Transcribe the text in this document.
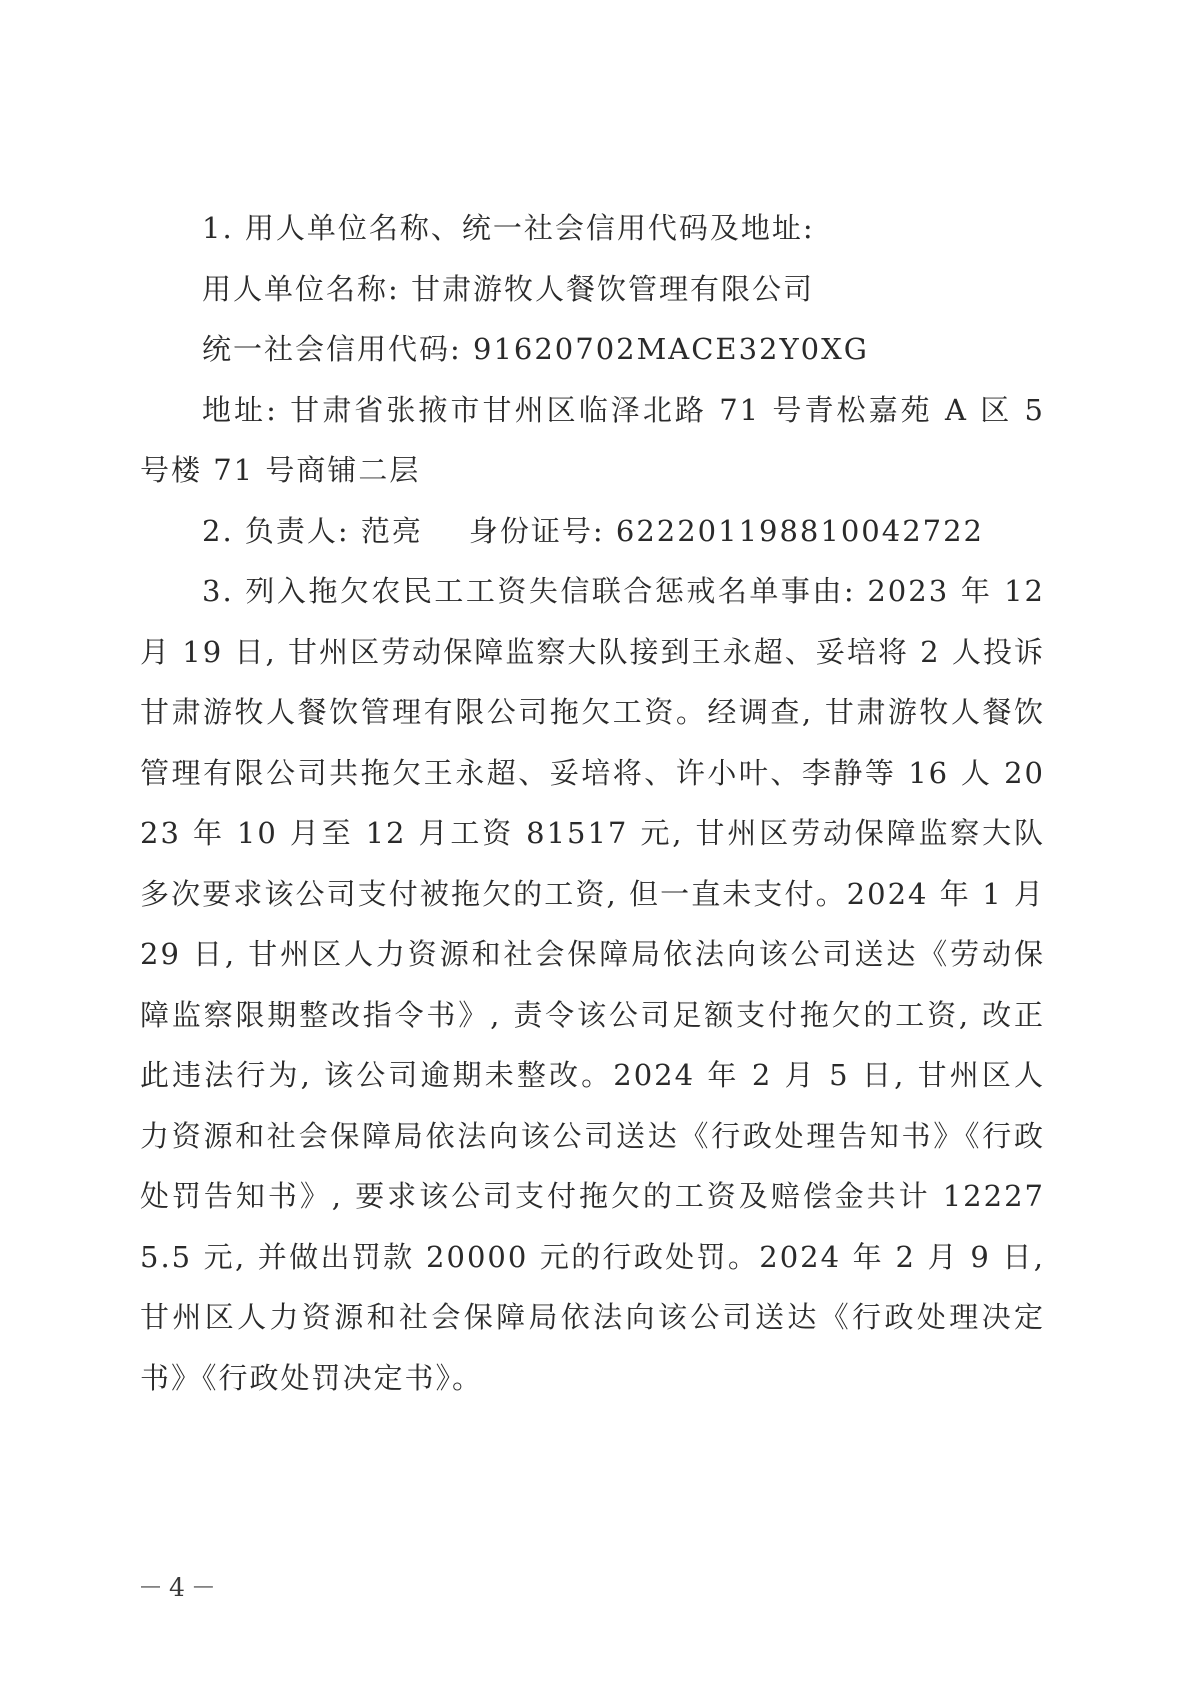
1. 用人单位名称、统一社会信用代码及地址:

用人单位名称: 甘肃游牧人餐饮管理有限公司

统一社会信用代码: 91620702MACE32Y0XG

地址: 甘肃省张掖市甘州区临泽北路 71 号青松嘉苑 A 区 5 号楼 71 号商铺二层

2. 负责人: 范亮 身份证号: 622201198810042722

3. 列入拖欠农民工工资失信联合惩戒名单事由: 2023 年 12 月 19 日, 甘州区劳动保障监察大队接到王永超、妥培将 2 人投诉甘肃游牧人餐饮管理有限公司拖欠工资。经调查, 甘肃游牧人餐饮管理有限公司共拖欠王永超、妥培将、许小叶、李静等 16 人 2023 年 10 月至 12 月工资 81517 元, 甘州区劳动保障监察大队多次要求该公司支付被拖欠的工资, 但一直未支付。2024 年 1 月 29 日, 甘州区人力资源和社会保障局依法向该公司送达《劳动保障监察限期整改指令书》, 责令该公司足额支付拖欠的工资, 改正此违法行为, 该公司逾期未整改。2024 年 2 月 5 日, 甘州区人力资源和社会保障局依法向该公司送达《行政处理告知书》《行政处罚告知书》, 要求该公司支付拖欠的工资及赔偿金共计 122275.5 元, 并做出罚款 20000 元的行政处罚。2024 年 2 月 9 日, 甘州区人力资源和社会保障局依法向该公司送达《行政处理决定书》《行政处罚决定书》。

－4－
